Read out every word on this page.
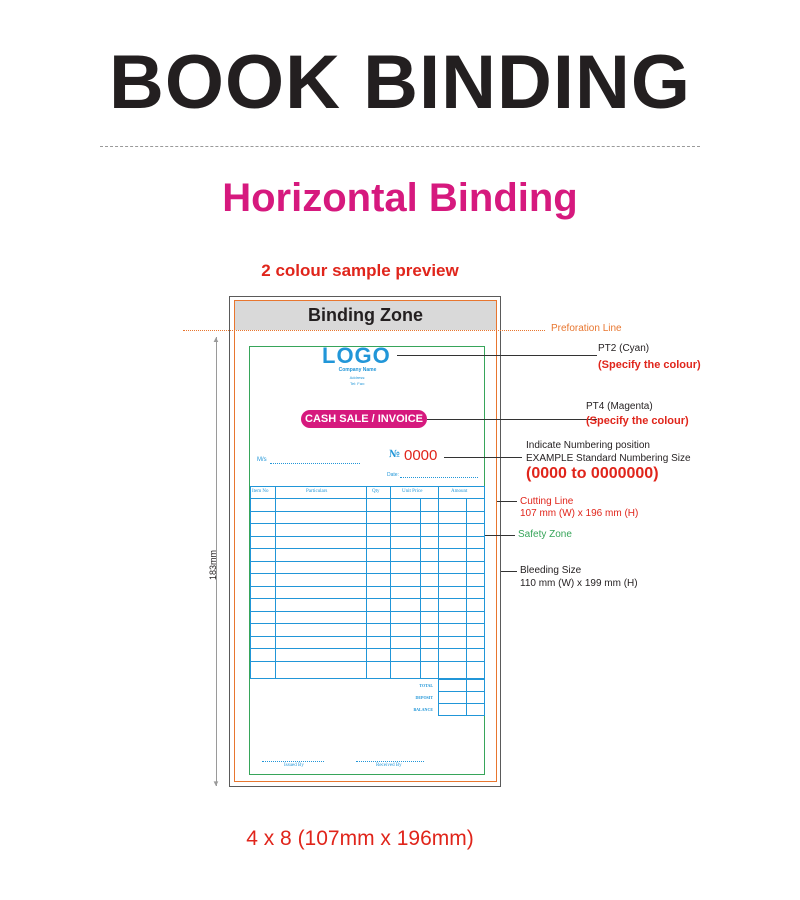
BOOK BINDING
Horizontal Binding
2 colour sample preview
▲
▼
183mm
Binding Zone
Preforation Line
LOGO
Company Name
Address:
Tel: Fax:
CASH SALE / INVOICE
M/s	№ 0000
Date:
Item No	Particulars	Qty	Unit Price	Amount
TOTAL
DEPOSIT
BALANCE
Issued By	Received By
PT2 (Cyan)
(Specify the colour)
PT4 (Magenta)
(Specify the colour)
Indicate Numbering position
EXAMPLE Standard Numbering Size
(0000 to 0000000)
Cutting Line
107 mm (W) x 196 mm (H)
Safety Zone
Bleeding Size
110 mm (W) x 199 mm (H)
4 x 8 (107mm x 196mm)
